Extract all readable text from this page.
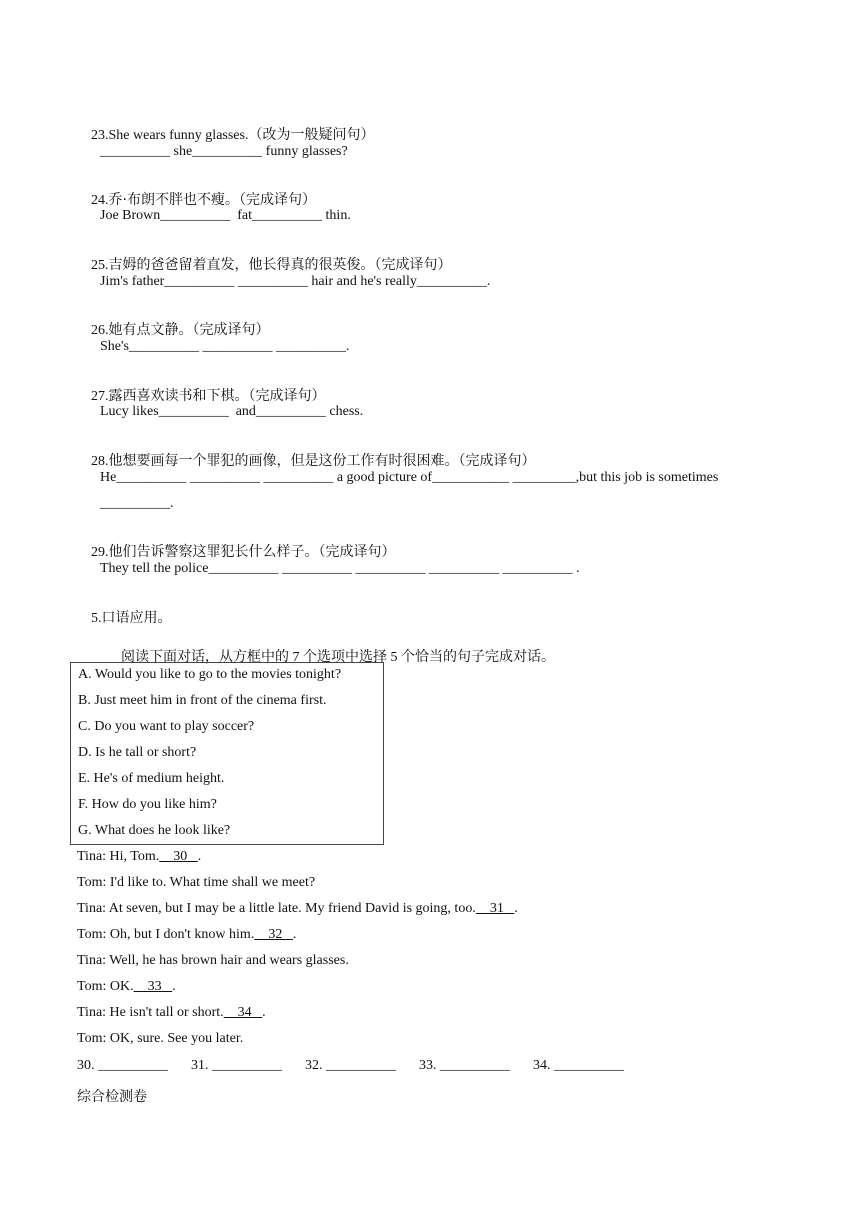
23.She wears funny glasses.（改为一般疑问句）

__________ she__________ funny glasses?

24.乔·布朗不胖也不瘦。（完成译句）

Joe Brown__________  fat__________ thin.

25.吉姆的爸爸留着直发，他长得真的很英俊。（完成译句）

Jim's father__________ __________ hair and he's really__________.

26.她有点文静。（完成译句）

She's__________ __________ __________.

27.露西喜欢读书和下棋。（完成译句）

Lucy likes__________  and__________ chess.

28.他想要画每一个罪犯的画像，但是这份工作有时很困难。（完成译句）

He__________ __________ __________ a good picture of___________ _________,but this job is sometimes
__________.

29.他们告诉警察这罪犯长什么样子。（完成译句）

They tell the police__________ __________ __________ __________ __________ .

5.口语应用。

阅读下面对话，从方框中的 7 个选项中选择 5 个恰当的句子完成对话。

A. Would you like to go to the movies tonight?
B. Just meet him in front of the cinema first.
C. Do you want to play soccer?
D. Is he tall or short?
E. He's of medium height.
F. How do you like him?
G. What does he look like?
Tina: Hi, Tom. 30 .
Tom: I'd like to. What time shall we meet?
Tina: At seven, but I may be a little late. My friend David is going, too. 31 .
Tom: Oh, but I don't know him. 32 .
Tina: Well, he has brown hair and wears glasses.
Tom: OK. 33 .
Tina: He isn't tall or short. 34 .
Tom: OK, sure. See you later.
30. __________ 31. __________ 32. __________ 33. __________ 34. __________
综合检测卷
